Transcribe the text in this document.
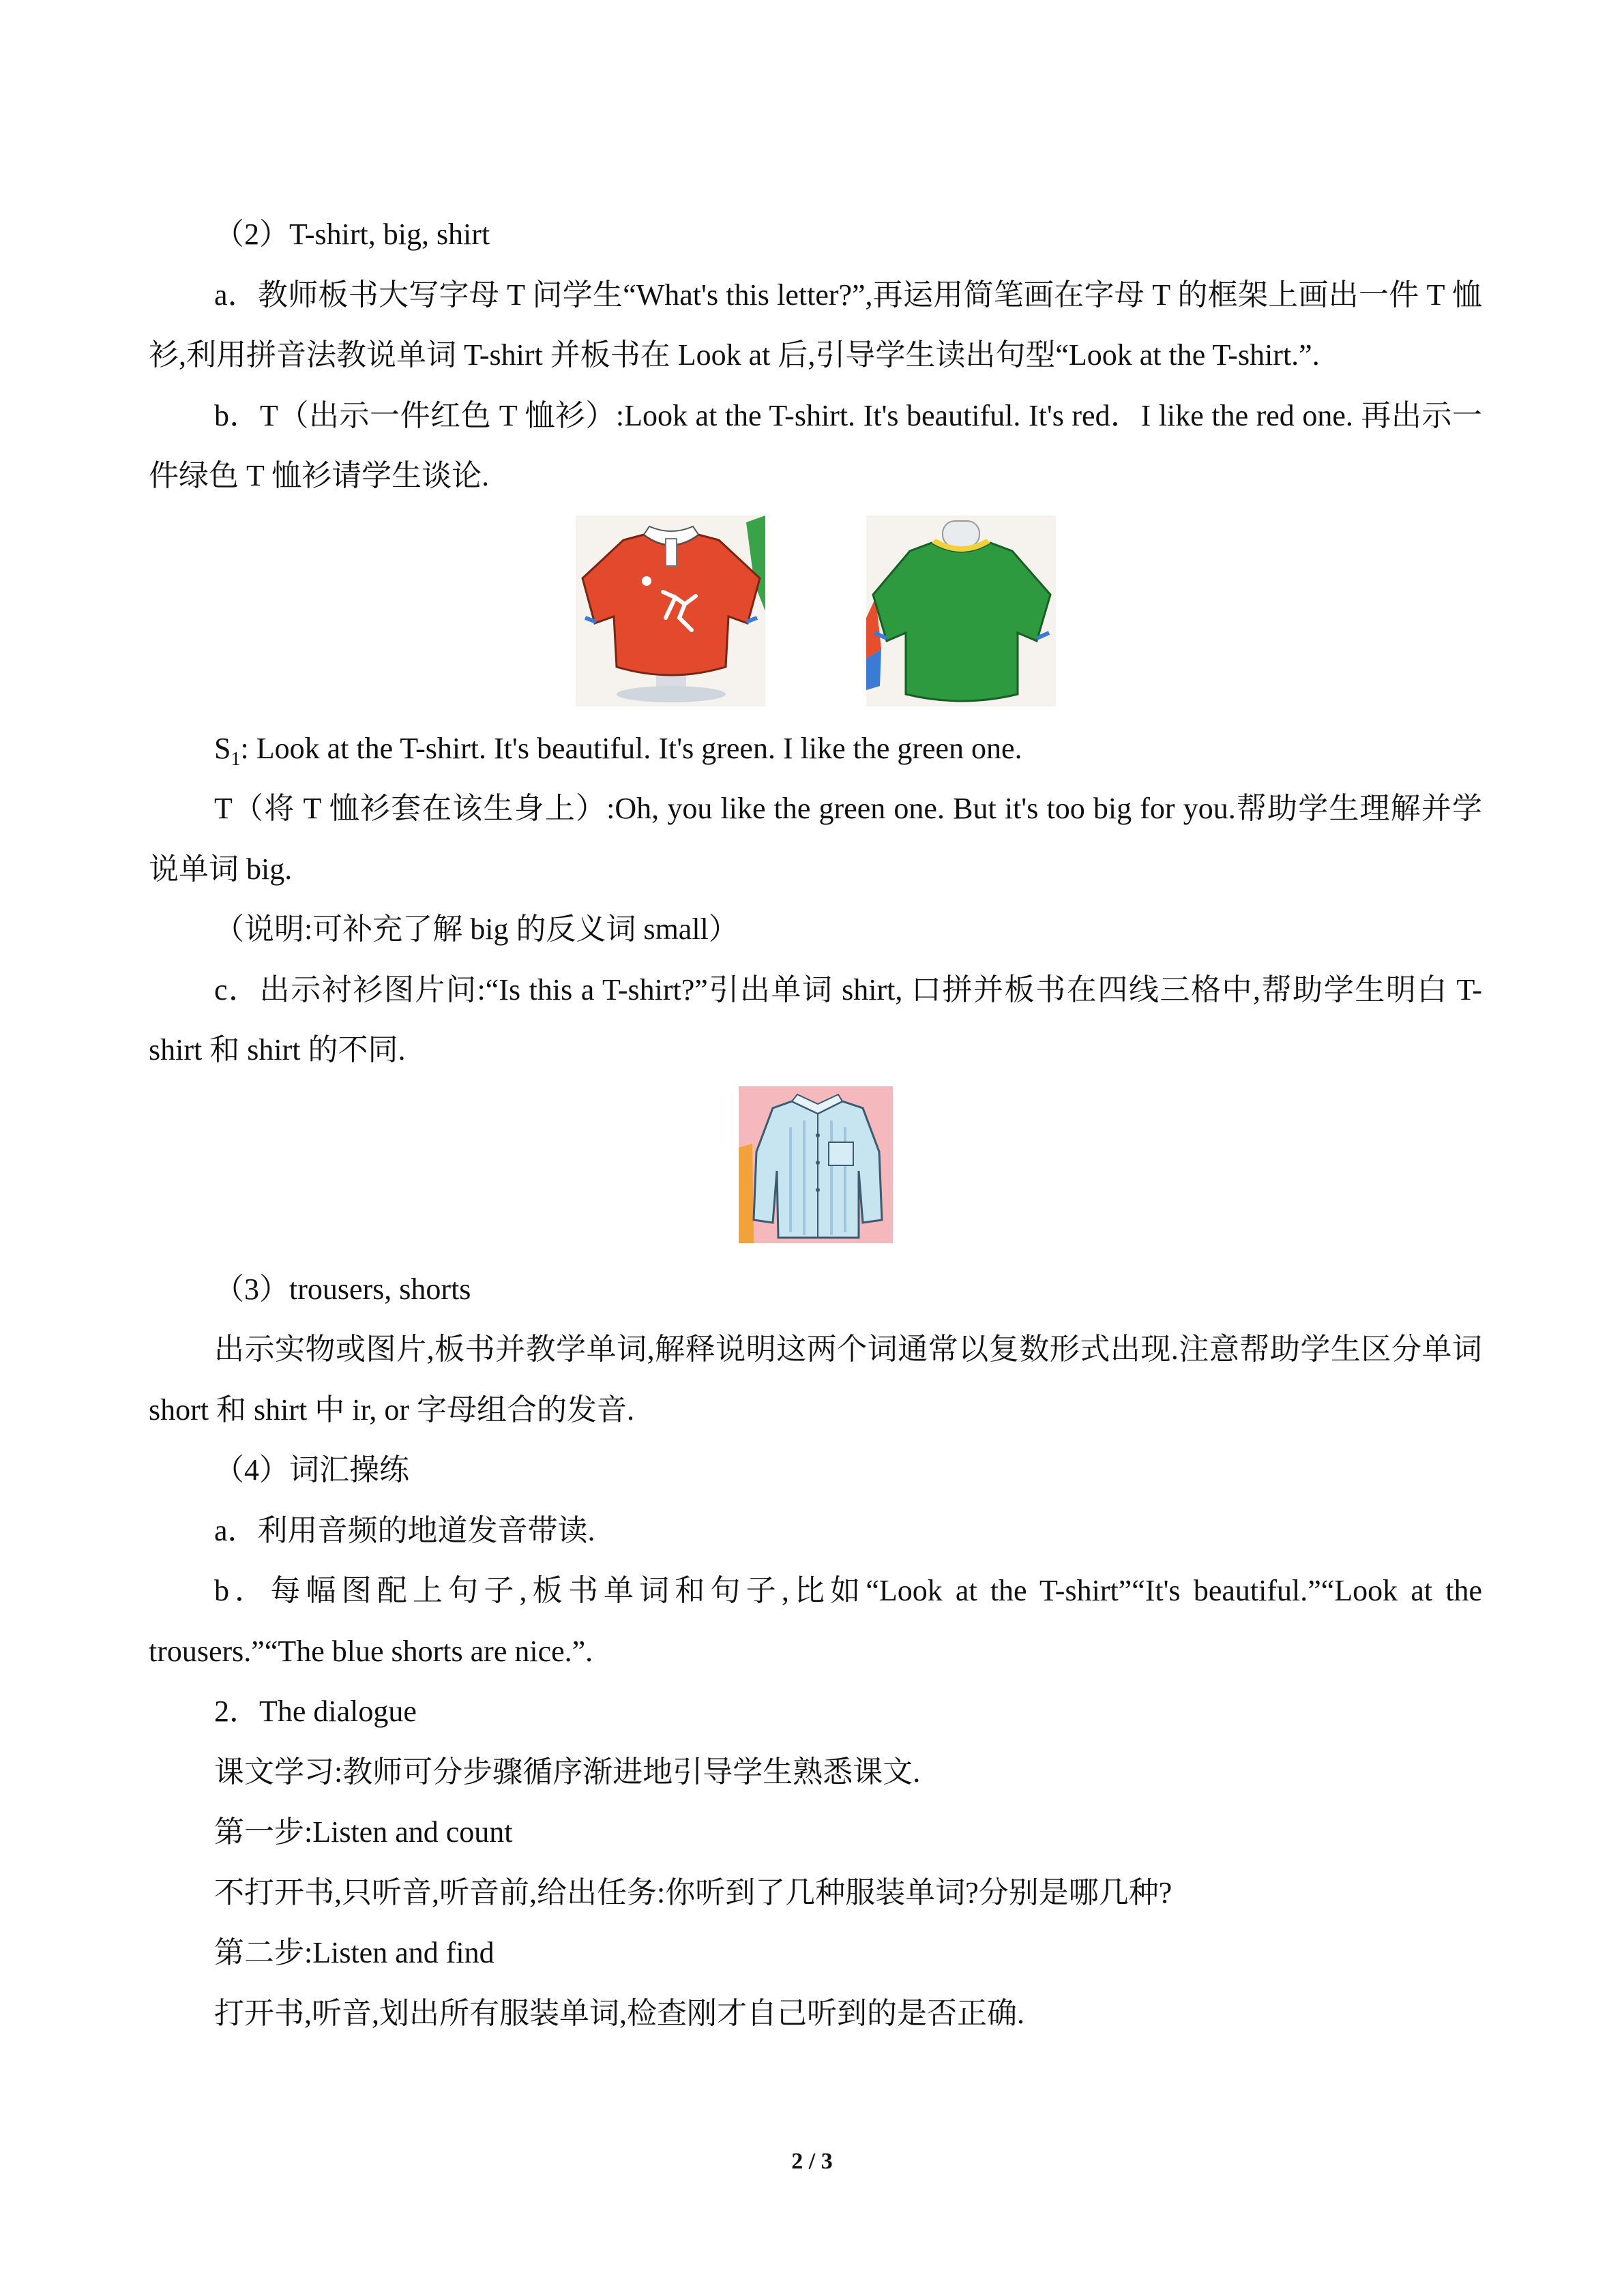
（2）T-shirt, big, shirt

a．教师板书大写字母 T 问学生“What's this letter?”,再运用简笔画在字母 T 的框架上画出一件 T 恤衫,利用拼音法教说单词 T-shirt 并板书在 Look at 后,引导学生读出句型“Look at the T-shirt.”.

b．T（出示一件红色 T 恤衫）:Look at the T-shirt. It's beautiful. It's red．I like the red one. 再出示一件绿色 T 恤衫请学生谈论.

$S_1$: Look at the T-shirt. It's beautiful. It's green. I like the green one.

T（将 T 恤衫套在该生身上）:Oh, you like the green one. But it's too big for you.帮助学生理解并学说单词 big.

（说明:可补充了解 big 的反义词 small）

c．出示衬衫图片问:“Is this a T-shirt?”引出单词 shirt, 口拼并板书在四线三格中,帮助学生明白 T-shirt 和 shirt 的不同.

（3）trousers, shorts

出示实物或图片,板书并教学单词,解释说明这两个词通常以复数形式出现.注意帮助学生区分单词 short 和 shirt 中 ir, or 字母组合的发音.

（4）词汇操练

a．利用音频的地道发音带读.

b．每幅图配上句子,板书单词和句子,比如“Look at the T-shirt”“It's beautiful.”“Look at the trousers.”“The blue shorts are nice.”.

2．The dialogue

课文学习:教师可分步骤循序渐进地引导学生熟悉课文.

第一步:Listen and count

不打开书,只听音,听音前,给出任务:你听到了几种服装单词?分别是哪几种?

第二步:Listen and find

打开书,听音,划出所有服装单词,检查刚才自己听到的是否正确.

2 / 3
